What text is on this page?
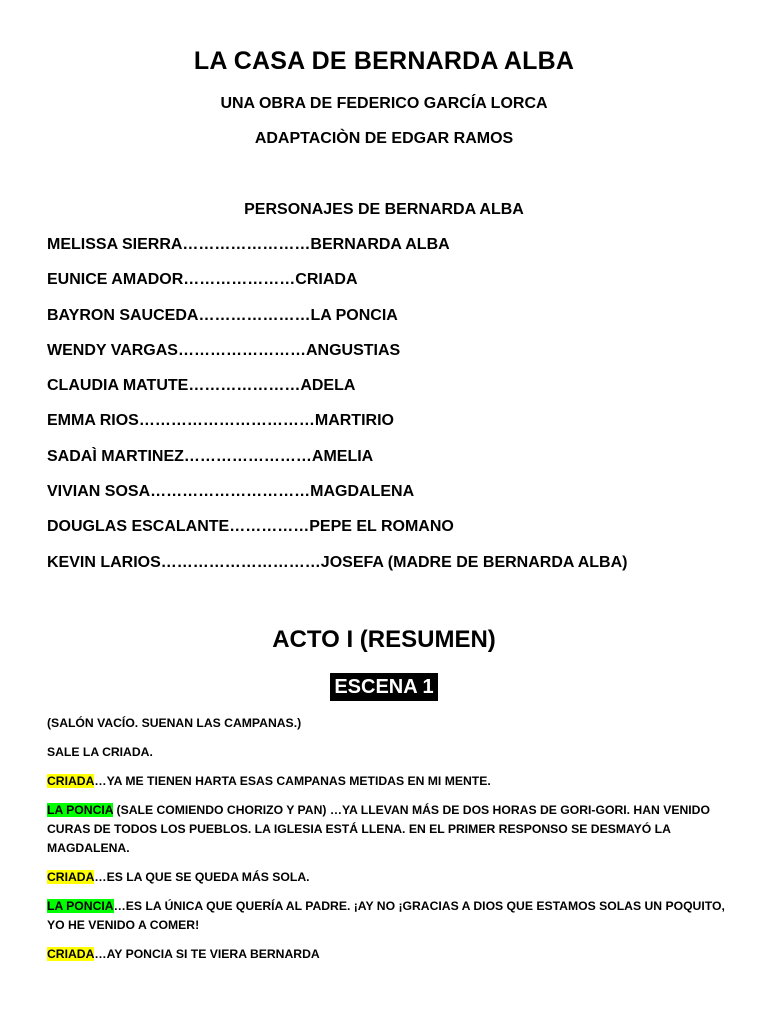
LA CASA DE BERNARDA ALBA
UNA OBRA DE FEDERICO GARCÍA LORCA
ADAPTACIÒN DE EDGAR RAMOS
PERSONAJES DE BERNARDA ALBA
MELISSA SIERRA……………………BERNARDA ALBA
EUNICE AMADOR…………………CRIADA
BAYRON SAUCEDA…………………LA PONCIA
WENDY VARGAS……………………ANGUSTIAS
CLAUDIA MATUTE…………………ADELA
EMMA RIOS……………………………MARTIRIO
SADAÌ MARTINEZ……………………AMELIA
VIVIAN SOSA…………………………MAGDALENA
DOUGLAS ESCALANTE……………PEPE EL ROMANO
KEVIN LARIOS…………………………JOSEFA (MADRE DE BERNARDA ALBA)
ACTO I (RESUMEN)
ESCENA 1

(SALÓN VACÍO. SUENAN LAS CAMPANAS.)

SALE LA CRIADA.

CRIADA…YA ME TIENEN HARTA ESAS CAMPANAS METIDAS EN MI MENTE.

LA PONCIA (SALE COMIENDO CHORIZO Y PAN) …YA LLEVAN MÁS DE DOS HORAS DE GORI-GORI. HAN VENIDO CURAS DE TODOS LOS PUEBLOS. LA IGLESIA ESTÁ LLENA. EN EL PRIMER RESPONSO SE DESMAYÓ LA MAGDALENA.

CRIADA…ES LA QUE SE QUEDA MÁS SOLA.

LA PONCIA…ES LA ÚNICA QUE QUERÍA AL PADRE. ¡AY NO ¡GRACIAS A DIOS QUE ESTAMOS SOLAS UN POQUITO, YO HE VENIDO A COMER!

CRIADA…AY PONCIA SI TE VIERA BERNARDA
